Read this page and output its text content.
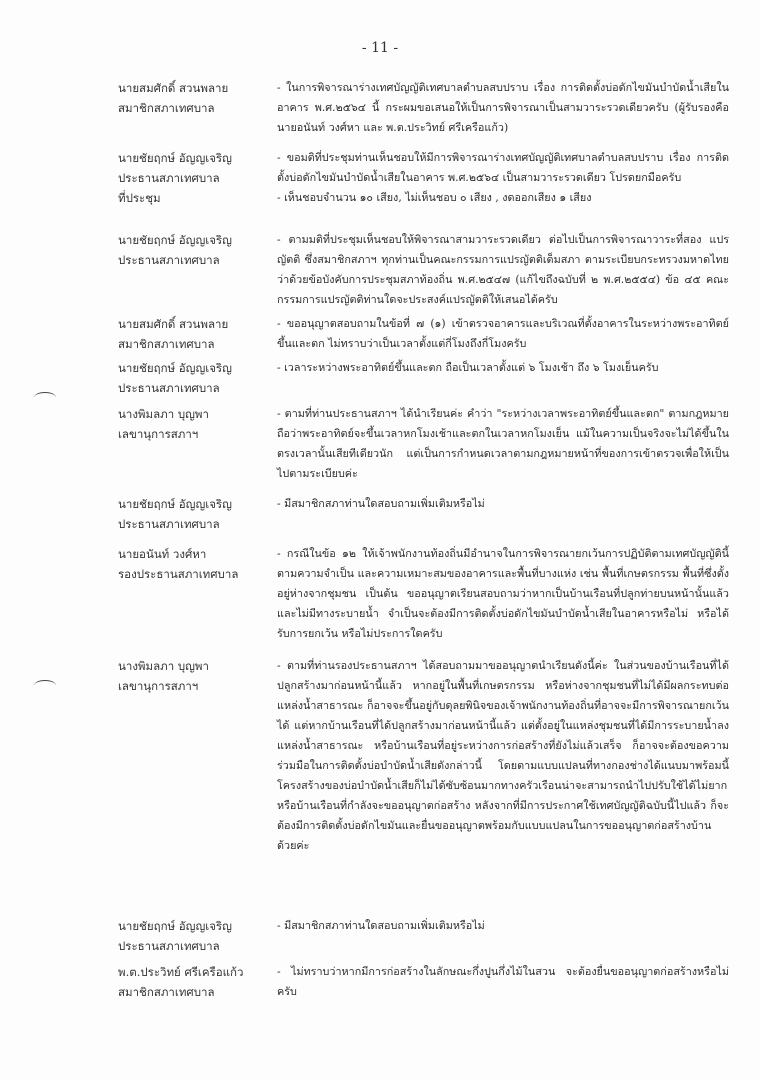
- 11 -
นายสมศักดิ์ สวนพลาย
สมาชิกสภาเทศบาล
- ในการพิจารณาร่างเทศบัญญัติเทศบาลตำบลสบปราบ เรื่อง การติดตั้งบ่อดักไขมันบำบัดน้ำเสียในอาคาร พ.ศ.๒๕๖๔ นี้ กระผมขอเสนอให้เป็นการพิจารณาเป็นสามวาระรวดเดียวครับ (ผู้รับรองคือ นายอนันท์ วงศ์หา และ พ.ต.ประวิทย์ ศรีเครือแก้ว)
นายชัยฤกษ์ อัญญเจริญ
ประธานสภาเทศบาล
ที่ประชุม
- ขอมติที่ประชุมท่านเห็นชอบให้มีการพิจารณาร่างเทศบัญญัติเทศบาลตำบลสบปราบ เรื่อง การติดตั้งบ่อดักไขมันบำบัดน้ำเสียในอาคาร พ.ศ.๒๕๖๔ เป็นสามวาระรวดเดียว โปรดยกมือครับ
- เห็นชอบจำนวน ๑๐ เสียง, ไม่เห็นชอบ ๐ เสียง , งดออกเสียง ๑ เสียง
นายชัยฤกษ์ อัญญเจริญ
ประธานสภาเทศบาล
- ตามมติที่ประชุมเห็นชอบให้พิจารณาสามวาระรวดเดียว ต่อไปเป็นการพิจารณาวาระที่สอง แปรญัตติ ซึ่งสมาชิกสภาฯ ทุกท่านเป็นคณะกรรมการแปรญัตติเต็มสภา ตามระเบียบกระทรวงมหาดไทยว่าด้วยข้อบังคับการประชุมสภาท้องถิ่น พ.ศ.๒๕๔๗ (แก้ไขถึงฉบับที่ ๒ พ.ศ.๒๕๕๔) ข้อ ๔๕ คณะกรรมการแปรญัตติท่านใดจะประสงค์แปรญัตติให้เสนอได้ครับ
นายสมศักดิ์ สวนพลาย
สมาชิกสภาเทศบาล
- ขออนุญาตสอบถามในข้อที่ ๗ (๑) เข้าตรวจอาคารและบริเวณที่ตั้งอาคารในระหว่างพระอาทิตย์ขึ้นและตก ไม่ทราบว่าเป็นเวลาตั้งแต่กี่โมงถึงกี่โมงครับ
นายชัยฤกษ์ อัญญเจริญ
ประธานสภาเทศบาล
- เวลาระหว่างพระอาทิตย์ขึ้นและตก ถือเป็นเวลาตั้งแต่ ๖ โมงเช้า ถึง ๖ โมงเย็นครับ
นางพิมลภา บุญพา
เลขานุการสภาฯ
- ตามที่ท่านประธานสภาฯ ได้นำเรียนค่ะ คำว่า "ระหว่างเวลาพระอาทิตย์ขึ้นและตก" ตามกฎหมายถือว่าพระอาทิตย์จะขึ้นเวลาหกโมงเช้าและตกในเวลาหกโมงเย็น แม้ในความเป็นจริงจะไม่ได้ขึ้นในตรงเวลานั้นเสียทีเดียวนัก แต่เป็นการกำหนดเวลาตามกฎหมายหน้าที่ของการเข้าตรวจเพื่อให้เป็นไปตามระเบียบค่ะ
นายชัยฤกษ์ อัญญเจริญ
ประธานสภาเทศบาล
- มีสมาชิกสภาท่านใดสอบถามเพิ่มเติมหรือไม่
นายอนันท์ วงศ์หา
รองประธานสภาเทศบาล
- กรณีในข้อ ๑๒ ให้เจ้าพนักงานท้องถิ่นมีอำนาจในการพิจารณายกเว้นการปฏิบัติตามเทศบัญญัตินี้ตามความจำเป็น และความเหมาะสมของอาคารและพื้นที่บางแห่ง เช่น พื้นที่เกษตรกรรม พื้นที่ซึ่งตั้งอยู่ห่างจากชุมชน เป็นต้น ขออนุญาตเรียนสอบถามว่าหากเป็นบ้านเรือนที่ปลูกท่ายบนหน้านั้นแล้วและไม่มีทางระบายน้ำ จำเป็นจะต้องมีการติดตั้งบ่อดักไขมันบำบัดน้ำเสียในอาคารหรือไม่ หรือได้รับการยกเว้น หรือไม่ประการใดครับ
นางพิมลภา บุญพา
เลขานุการสภาฯ
- ตามที่ท่านรองประธานสภาฯ ได้สอบถามมาขออนุญาตนำเรียนดังนี้ค่ะ ในส่วนของบ้านเรือนที่ได้ปลูกสร้างมาก่อนหน้านี้แล้ว หากอยู่ในพื้นที่เกษตรกรรม หรือห่างจากชุมชนที่ไม่ได้มีผลกระทบต่อแหล่งน้ำสาธารณะ ก็อาจจะขึ้นอยู่กับดุลยพินิจของเจ้าพนักงานท้องถิ่นที่อาจจะมีการพิจารณายกเว้นได้ แต่หากบ้านเรือนที่ได้ปลูกสร้างมาก่อนหน้านี้แล้ว แต่ตั้งอยู่ในแหล่งชุมชนที่ได้มีการระบายน้ำลงแหล่งน้ำสาธารณะ หรือบ้านเรือนที่อยู่ระหว่างการก่อสร้างที่ยังไม่แล้วเสร็จ ก็อาจจะต้องขอความร่วมมือในการติดตั้งบ่อบำบัดน้ำเสียดังกล่าวนี้ โดยตามแบบแปลนที่ทางกองช่างได้แนบมาพร้อมนี้ โครงสร้างของบ่อบำบัดน้ำเสียก็ไม่ได้ซับซ้อนมากทางครัวเรือนน่าจะสามารถนำไปปรับใช้ได้ไม่ยาก หรือบ้านเรือนที่กำลังจะขออนุญาตก่อสร้าง หลังจากที่มีการประกาศใช้เทศบัญญัติฉบับนี้ไปแล้ว ก็จะต้องมีการติดตั้งบ่อดักไขมันและยื่นขออนุญาตพร้อมกับแบบแปลนในการขออนุญาตก่อสร้างบ้านด้วยค่ะ
นายชัยฤกษ์ อัญญเจริญ
ประธานสภาเทศบาล
- มีสมาชิกสภาท่านใดสอบถามเพิ่มเติมหรือไม่
พ.ต.ประวิทย์ ศรีเครือแก้ว
สมาชิกสภาเทศบาล
- ไม่ทราบว่าหากมีการก่อสร้างในลักษณะกึ่งปูนกึ่งไม้ในสวน จะต้องยื่นขออนุญาตก่อสร้างหรือไม่ครับ
